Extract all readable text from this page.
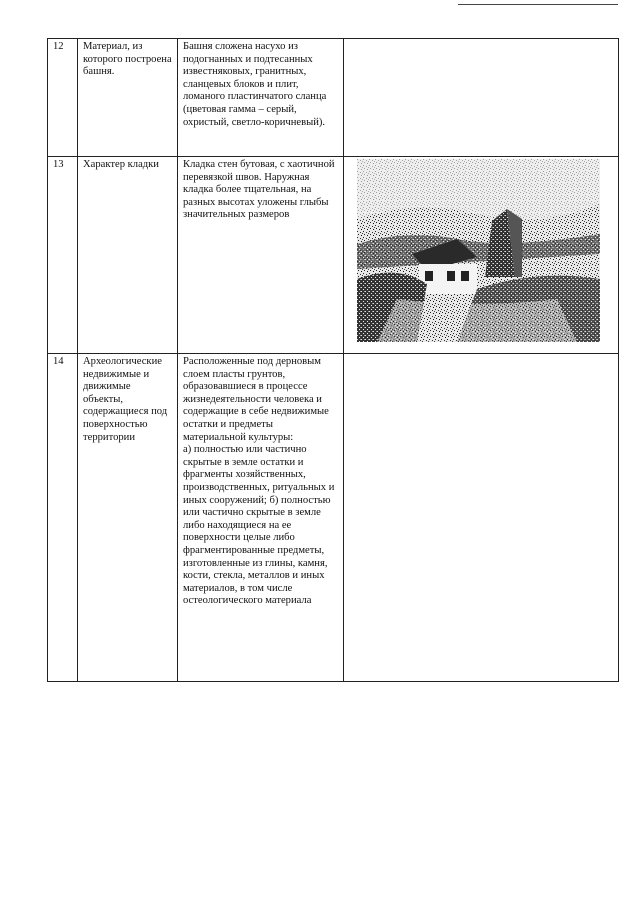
12	Материал, из которого построена башня.	Башня сложена насухо из подогнанных и подтесанных известняковых, гранитных, сланцевых блоков и плит, ломаного пластинчатого сланца (цветовая гамма – серый, охристый, светло-коричневый).	
13	Характер кладки	Кладка стен бутовая, с хаотичной перевязкой швов. Наружная кладка более тщательная, на разных высотах уложены глыбы значительных размеров	

14	Археологические недвижимые и движимые объекты, содержащиеся под поверхностью территории	Расположенные под дерновым слоем пласты грунтов, образовавшиеся в процессе жизнедеятельности человека и содержащие в себе недвижимые остатки и предметы материальной культуры:
а) полностью или частично скрытые в земле остатки и фрагменты хозяйственных, производственных, ритуальных и иных сооружений; б) полностью или частично скрытые в земле либо находящиеся на ее поверхности целые либо фрагментированные предметы, изготовленные из глины, камня, кости, стекла, металлов и иных материалов, в том числе остеологического материала	
